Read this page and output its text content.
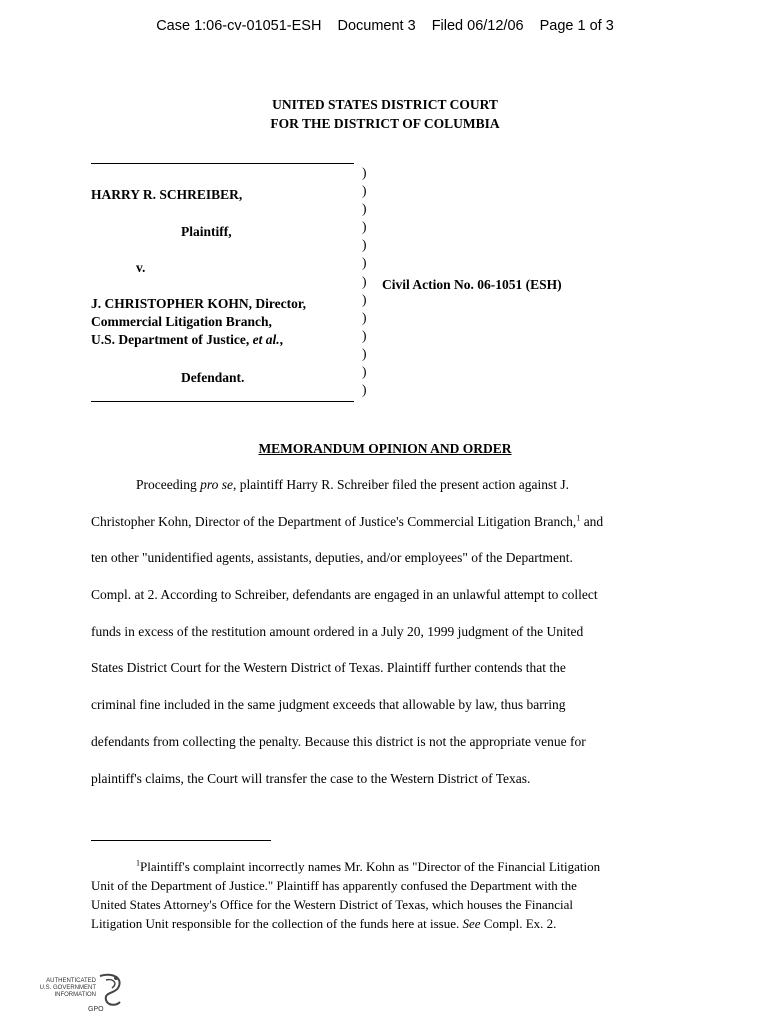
Case 1:06-cv-01051-ESH Document 3 Filed 06/12/06 Page 1 of 3
UNITED STATES DISTRICT COURT
FOR THE DISTRICT OF COLUMBIA
HARRY R. SCHREIBER,
Plaintiff,
v.
J. CHRISTOPHER KOHN, Director,
Commercial Litigation Branch,
U.S. Department of Justice, et al.,
Defendant.
)
)
)
)
)
)
)
)
)
)
)
)
)
Civil Action No. 06-1051 (ESH)
MEMORANDUM OPINION AND ORDER
Proceeding pro se, plaintiff Harry R. Schreiber filed the present action against J.
Christopher Kohn, Director of the Department of Justice's Commercial Litigation Branch,$^1$ and
ten other "unidentified agents, assistants, deputies, and/or employees" of the Department.
Compl. at 2. According to Schreiber, defendants are engaged in an unlawful attempt to collect
funds in excess of the restitution amount ordered in a July 20, 1999 judgment of the United
States District Court for the Western District of Texas. Plaintiff further contends that the
criminal fine included in the same judgment exceeds that allowable by law, thus barring
defendants from collecting the penalty. Because this district is not the appropriate venue for
plaintiff's claims, the Court will transfer the case to the Western District of Texas.
$^1$Plaintiff's complaint incorrectly names Mr. Kohn as "Director of the Financial Litigation
Unit of the Department of Justice." Plaintiff has apparently confused the Department with the
United States Attorney's Office for the Western District of Texas, which houses the Financial
Litigation Unit responsible for the collection of the funds here at issue. See Compl. Ex. 2.
AUTHENTICATED
U.S. GOVERNMENT
INFORMATION
GPO
